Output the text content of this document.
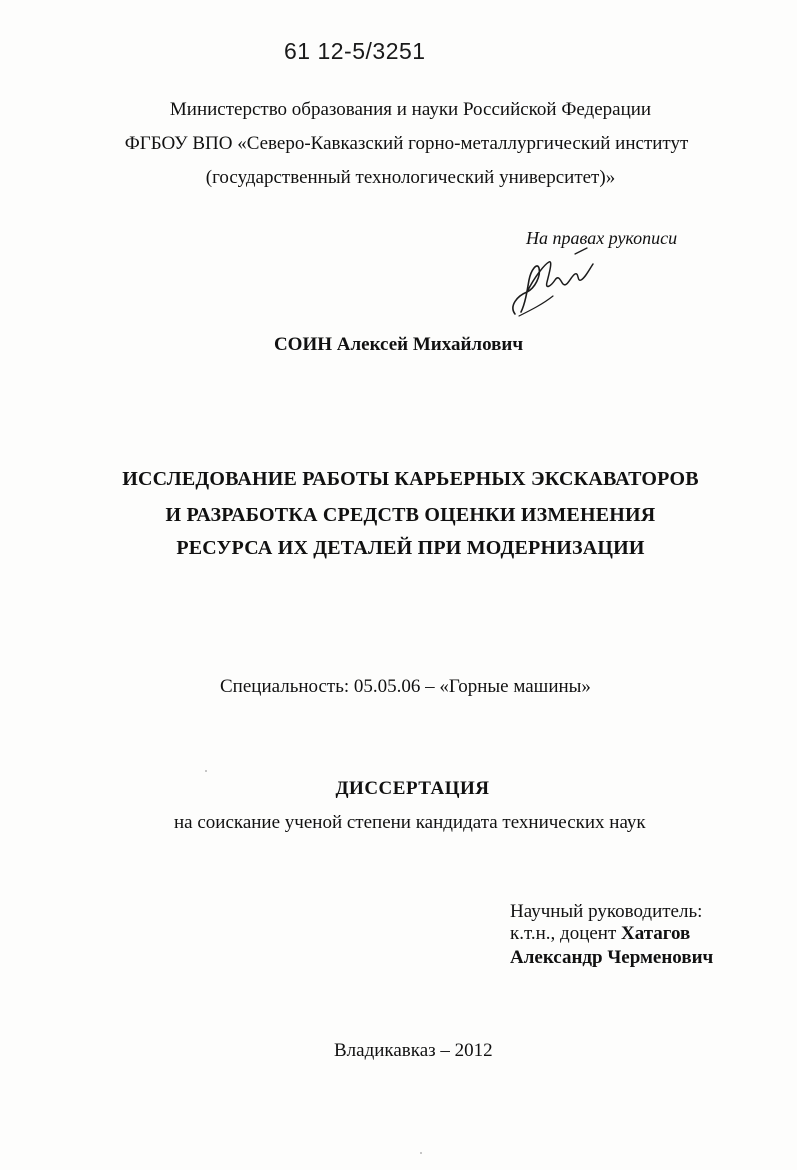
61 12-5/3251
Министерство образования и науки Российской Федерации
ФГБОУ ВПО «Северо-Кавказский горно-металлургический институт
(государственный технологический университет)»
На правах рукописи
СОИН Алексей Михайлович
ИССЛЕДОВАНИЕ РАБОТЫ КАРЬЕРНЫХ ЭКСКАВАТОРОВ
И РАЗРАБОТКА СРЕДСТВ ОЦЕНКИ ИЗМЕНЕНИЯ
РЕСУРСА ИХ ДЕТАЛЕЙ ПРИ МОДЕРНИЗАЦИИ
Специальность: 05.05.06 – «Горные машины»
ДИССЕРТАЦИЯ
на соискание ученой степени кандидата технических наук
Научный руководитель:
к.т.н., доцент Хатагов
Александр Черменович
Владикавказ – 2012
